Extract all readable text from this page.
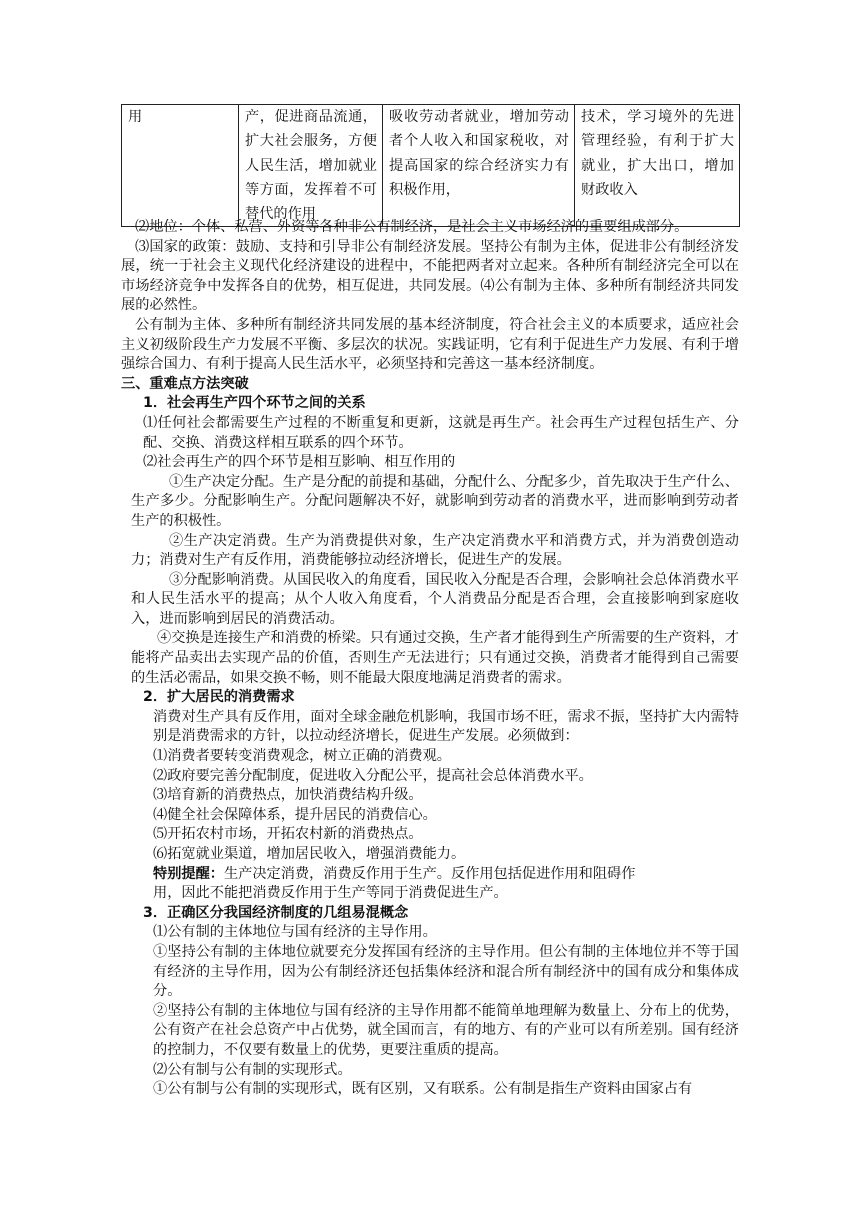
用	产，促进商品流通，扩大社会服务，方便人民生活，增加就业等方面，发挥着不可替代的作用	吸收劳动者就业，增加劳动者个人收入和国家税收，对提高国家的综合经济实力有积极作用，	技术，学习境外的先进管理经验，有利于扩大就业，扩大出口，增加财政收入

⑵地位：个体、私营、外资等各种非公有制经济，是社会主义市场经济的重要组成部分。

⑶国家的政策：鼓励、支持和引导非公有制经济发展。坚持公有制为主体，促进非公有制经济发展，统一于社会主义现代化经济建设的进程中，不能把两者对立起来。各种所有制经济完全可以在市场经济竞争中发挥各自的优势，相互促进，共同发展。⑷公有制为主体、多种所有制经济共同发展的必然性。

公有制为主体、多种所有制经济共同发展的基本经济制度，符合社会主义的本质要求，适应社会主义初级阶段生产力发展不平衡、多层次的状况。实践证明，它有利于促进生产力发展、有利于增强综合国力、有利于提高人民生活水平，必须坚持和完善这一基本经济制度。

三、重难点方法突破

1．社会再生产四个环节之间的关系

⑴任何社会都需要生产过程的不断重复和更新，这就是再生产。社会再生产过程包括生产、分配、交换、消费这样相互联系的四个环节。

⑵社会再生产的四个环节是相互影响、相互作用的

①生产决定分配。生产是分配的前提和基础，分配什么、分配多少，首先取决于生产什么、生产多少。分配影响生产。分配问题解决不好，就影响到劳动者的消费水平，进而影响到劳动者生产的积极性。

②生产决定消费。生产为消费提供对象，生产决定消费水平和消费方式，并为消费创造动力；消费对生产有反作用，消费能够拉动经济增长，促进生产的发展。

③分配影响消费。从国民收入的角度看，国民收入分配是否合理，会影响社会总体消费水平和人民生活水平的提高；从个人收入角度看，个人消费品分配是否合理，会直接影响到家庭收入，进而影响到居民的消费活动。

④交换是连接生产和消费的桥梁。只有通过交换，生产者才能得到生产所需要的生产资料，才能将产品卖出去实现产品的价值，否则生产无法进行；只有通过交换，消费者才能得到自己需要的生活必需品，如果交换不畅，则不能最大限度地满足消费者的需求。

2．扩大居民的消费需求

消费对生产具有反作用，面对全球金融危机影响，我国市场不旺，需求不振，坚持扩大内需特别是消费需求的方针，以拉动经济增长，促进生产发展。必须做到：

⑴消费者要转变消费观念，树立正确的消费观。

⑵政府要完善分配制度，促进收入分配公平，提高社会总体消费水平。

⑶培育新的消费热点，加快消费结构升级。

⑷健全社会保障体系，提升居民的消费信心。

⑸开拓农村市场，开拓农村新的消费热点。

⑹拓宽就业渠道，增加居民收入，增强消费能力。

特别提醒：生产决定消费，消费反作用于生产。反作用包括促进作用和阻碍作

用，因此不能把消费反作用于生产等同于消费促进生产。

3．正确区分我国经济制度的几组易混概念

⑴公有制的主体地位与国有经济的主导作用。

①坚持公有制的主体地位就要充分发挥国有经济的主导作用。但公有制的主体地位并不等于国有经济的主导作用，因为公有制经济还包括集体经济和混合所有制经济中的国有成分和集体成分。

②坚持公有制的主体地位与国有经济的主导作用都不能简单地理解为数量上、分布上的优势，公有资产在社会总资产中占优势，就全国而言，有的地方、有的产业可以有所差别。国有经济的控制力，不仅要有数量上的优势，更要注重质的提高。

⑵公有制与公有制的实现形式。

①公有制与公有制的实现形式，既有区别，又有联系。公有制是指生产资料由国家占有
